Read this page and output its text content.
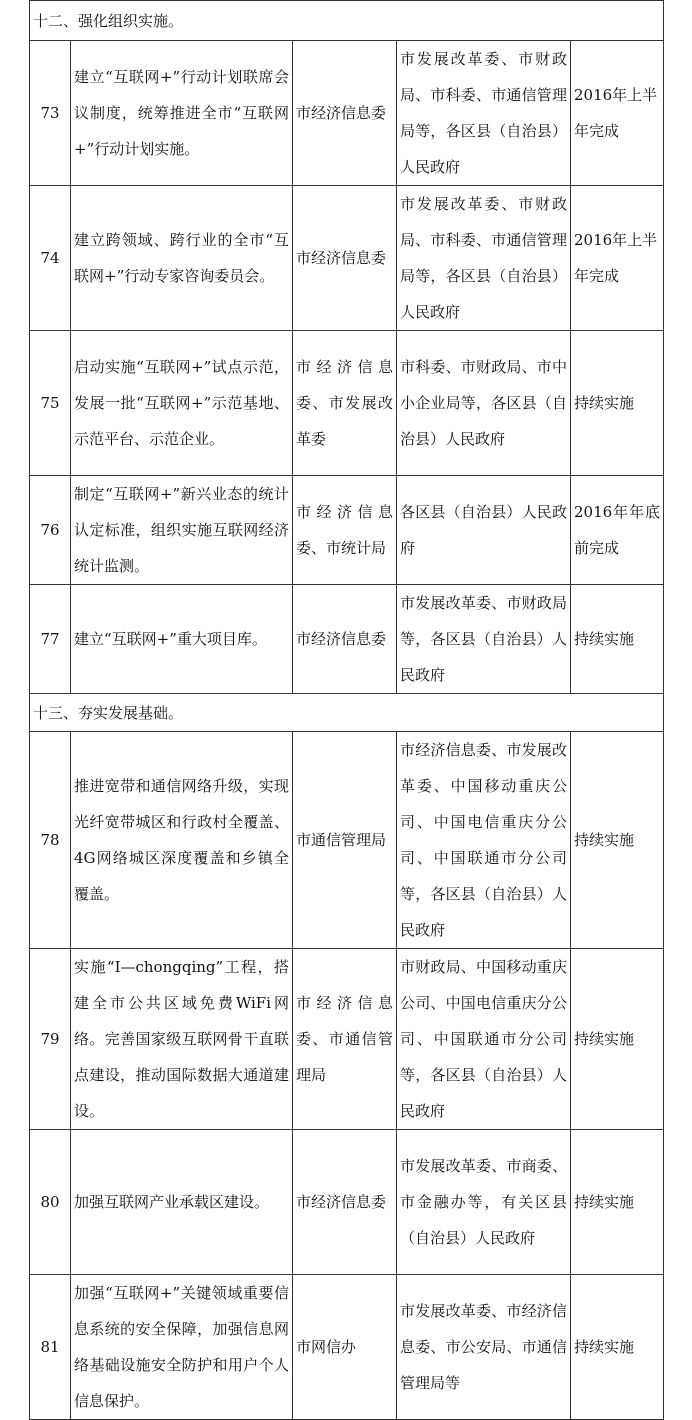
十二、强化组织实施。				
73	建立“互联网+”行动计划联席会议制度，统筹推进全市“互联网+”行动计划实施。	市经济信息委	市发展改革委、市财政局、市科委、市通信管理局等，各区县（自治县）人民政府	2016年上半年完成
74	建立跨领域、跨行业的全市“互联网+”行动专家咨询委员会。	市经济信息委	市发展改革委、市财政局、市科委、市通信管理局等，各区县（自治县）人民政府	2016年上半年完成
75	启动实施“互联网+”试点示范，发展一批“互联网+”示范基地、示范平台、示范企业。	市经济信息委、市发展改革委	市科委、市财政局、市中小企业局等，各区县（自治县）人民政府	持续实施
76	制定“互联网+”新兴业态的统计认定标准，组织实施互联网经济统计监测。	市经济信息委、市统计局	各区县（自治县）人民政府	2016年年底前完成
77	建立“互联网+”重大项目库。	市经济信息委	市发展改革委、市财政局等，各区县（自治县）人民政府	持续实施
十三、夯实发展基础。				
78	推进宽带和通信网络升级，实现光纤宽带城区和行政村全覆盖、4G网络城区深度覆盖和乡镇全覆盖。	市通信管理局	市经济信息委、市发展改革委、中国移动重庆公司、中国电信重庆分公司、中国联通市分公司等，各区县（自治县）人民政府	持续实施
79	实施“I—chongqing”工程，搭建全市公共区域免费WiFi网络。完善国家级互联网骨干直联点建设，推动国际数据大通道建设。	市经济信息委、市通信管理局	市财政局、中国移动重庆公司、中国电信重庆分公司、中国联通市分公司等，各区县（自治县）人民政府	持续实施
80	加强互联网产业承载区建设。	市经济信息委	市发展改革委、市商委、市金融办等，有关区县（自治县）人民政府	持续实施
81	加强“互联网+”关键领域重要信息系统的安全保障，加强信息网络基础设施安全防护和用户个人信息保护。	市网信办	市发展改革委、市经济信息委、市公安局、市通信管理局等	持续实施
